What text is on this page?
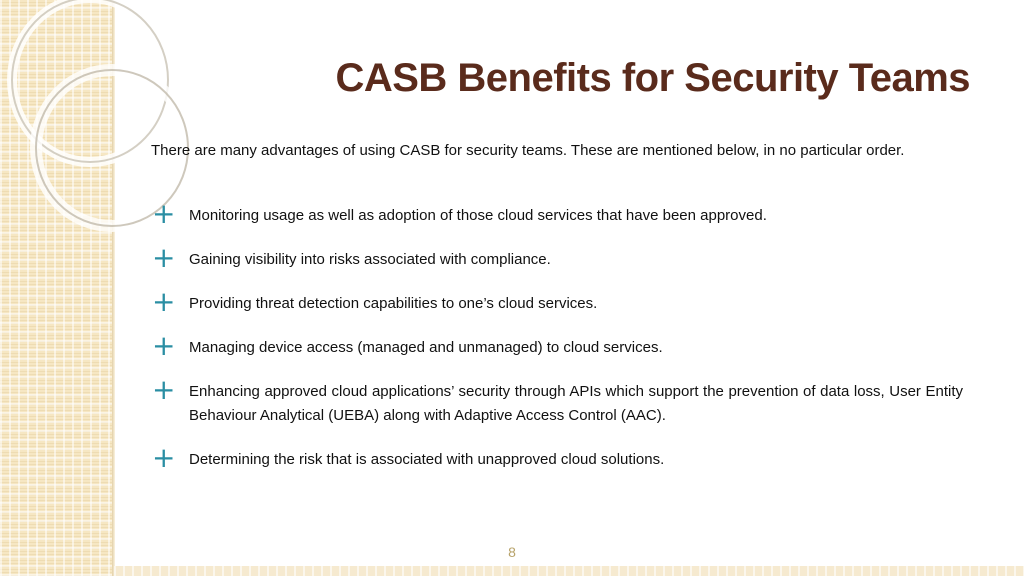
CASB Benefits for Security Teams

There are many advantages of using CASB for security teams. These are mentioned below, in no particular order.

+ Monitoring usage as well as adoption of those cloud services that have been approved.
+ Gaining visibility into risks associated with compliance.
+ Providing threat detection capabilities to one’s cloud services.
+ Managing device access (managed and unmanaged) to cloud services.
+ Enhancing approved cloud applications’ security through APIs which support the prevention of data loss, User Entity Behaviour Analytical (UEBA) along with Adaptive Access Control (AAC).
+ Determining the risk that is associated with unapproved cloud solutions.
8
